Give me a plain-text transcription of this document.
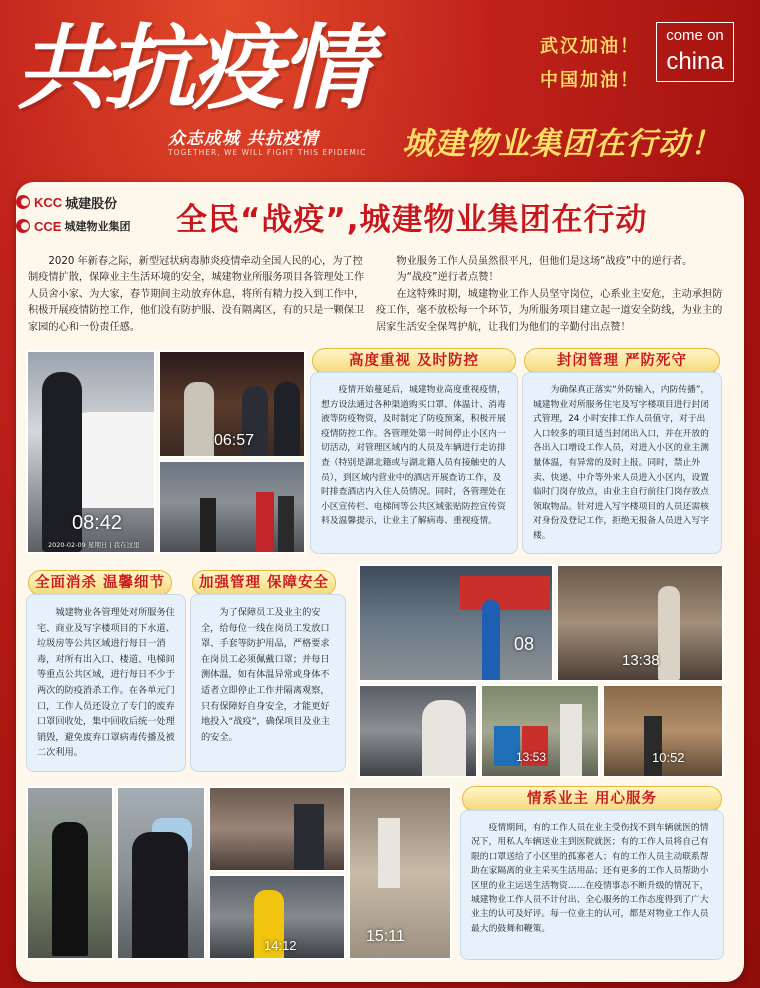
共抗疫情
众志成城 共抗疫情
TOGETHER, WE WILL FIGHT THIS EPIDEMIC
武汉加油！
中国加油！
come on
china
城建物业集团在行动！
KCC 城建股份
CCE 城建物业集团 全民“战疫”,城建物业集团在行动

2020 年新春之际，新型冠状病毒肺炎疫情牵动全国人民的心，为了控制疫情扩散，保障业主生活环境的安全，城建物业所服务项目各管理处工作人员舍小家、为大家，春节期间主动放弃休息，将所有精力投入到工作中，积极开展疫情防控工作，他们没有防护服、没有隔离区，有的只是一颗保卫家园的心和一份责任感。

物业服务工作人员虽然很平凡，但他们是这场“战疫”中的逆行者。

为“战疫”逆行者点赞！

在这特殊时期，城建物业工作人员坚守岗位，心系业主安危，主动承担防疫工作，毫不放松每一个环节，为所服务项目建立起一道安全防线，为业主的居家生活安全保驾护航，让我们为他们的辛勤付出点赞！

08:42
2020-02-09 星期日 | 我在这里
06:57
高度重视 及时防控

疫情开始蔓延后，城建物业高度重视疫情，想方设法通过各种渠道购买口罩、体温计、消毒液等防疫物资，及时制定了防疫预案，积极开展疫情防控工作。各管理处第一时间停止小区内一切活动，对管理区域内的人员及车辆进行走访排查（特别是湖北籍或与湖北籍人员有接触史的人员），到区域内营业中的酒店开展查访工作，及时排查酒店内入住人员情况。同时，各管理处在小区宣传栏、电梯间等公共区域张贴防控宣传资料及温馨提示，让业主了解病毒、重视疫情。

封闭管理 严防死守

为确保真正落实“外防输入，内防传播”，城建物业对所服务住宅及写字楼项目进行封闭式管理，24 小时安排工作人员值守，对于出入口较多的项目适当封闭出入口，并在开放的各出入口增设工作人员，对进入小区的业主测量体温，有异常的及时上报。同时，禁止外卖、快递、中介等外来人员进入小区内，设置临时门岗存放点，由业主自行前往门岗存放点领取物品。针对进入写字楼项目的人员还需核对身份及登记工作，拒绝无报备人员进入写字楼。

全面消杀 温馨细节

城建物业各管理处对所服务住宅、商业及写字楼项目的下水道、垃圾房等公共区域进行每日一消毒，对所有出入口、楼道、电梯间等重点公共区域，进行每日不少于两次的防疫消杀工作。在各单元门口，工作人员还设立了专门的废弃口罩回收处，集中回收后统一处理销毁，避免废弃口罩病毒传播及被二次利用。

加强管理 保障安全

为了保障员工及业主的安全，给每位一线在岗员工发放口罩、手套等防护用品，严格要求在岗员工必须佩戴口罩；并每日测体温，如有体温异常或身体不适者立即停止工作并隔离观察，只有保障好自身安全，才能更好地投入“战疫”，确保项目及业主的安全。

08
13:38
13:53	10:52
14:12
15:11
情系业主 用心服务

疫情期间，有的工作人员在业主受伤找不到车辆就医的情况下，用私人车辆送业主到医院就医；有的工作人员将自己有限的口罩送给了小区里的孤寡老人；有的工作人员主动联系帮助在家隔离的业主采买生活用品；还有更多的工作人员帮助小区里的业主运送生活物资……在疫情事态不断升级的情况下，城建物业工作人员不计付出、全心服务的工作态度得到了广大业主的认可及好评。每一位业主的认可，都是对物业工作人员最大的鼓舞和鞭策。
